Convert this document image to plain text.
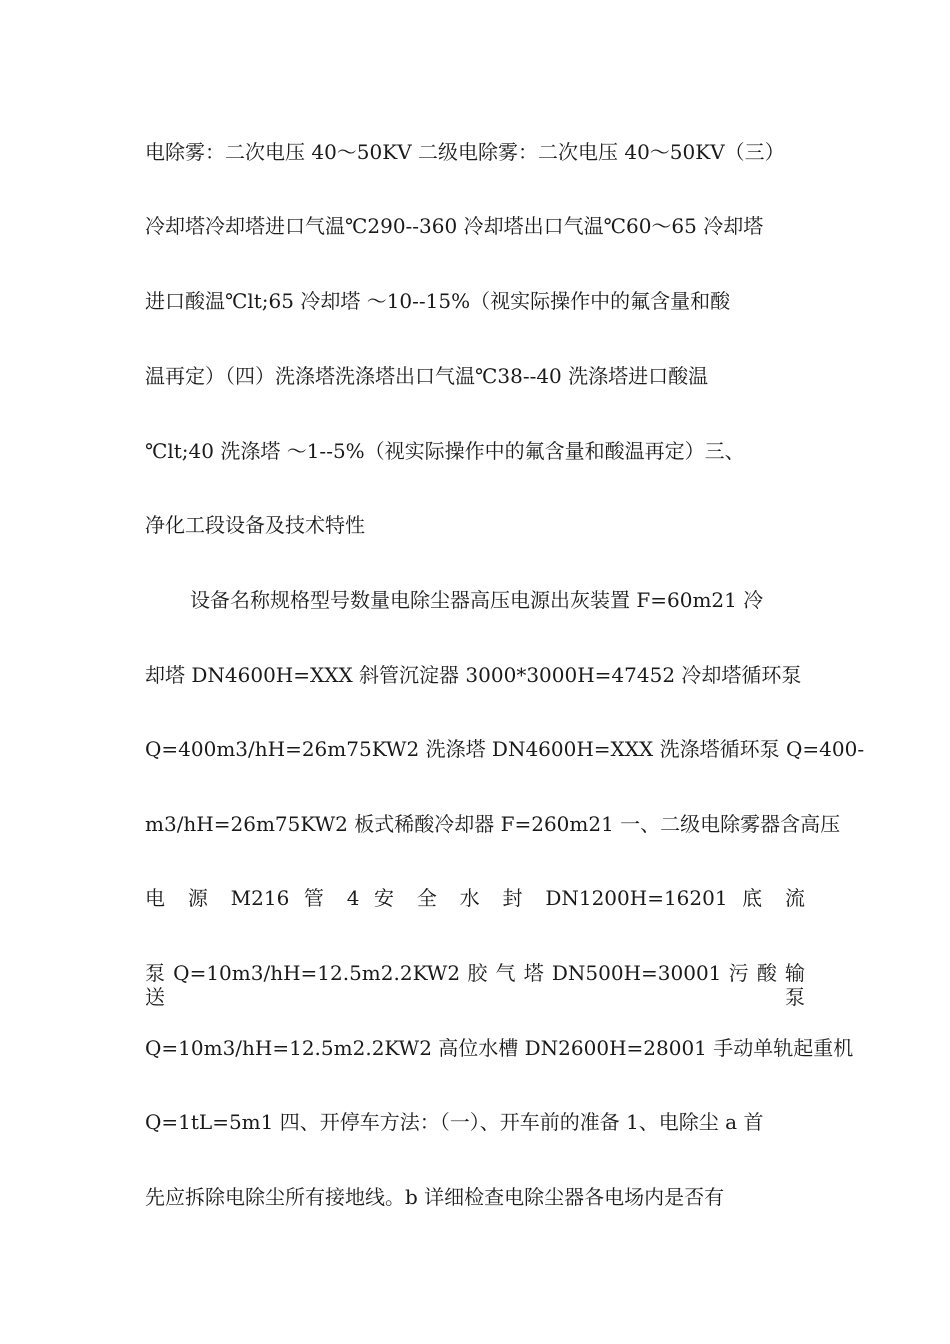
电除雾：二次电压 40～50KV 二级电除雾：二次电压 40～50KV（三）
冷却塔冷却塔进口气温℃290--360 冷却塔出口气温℃60～65 冷却塔
进口酸温℃lt;65 冷却塔 ～10--15%（视实际操作中的氟含量和酸
温再定）（四）洗涤塔洗涤塔出口气温℃38--40 洗涤塔进口酸温
℃lt;40 洗涤塔 ～1--5%（视实际操作中的氟含量和酸温再定）三、
净化工段设备及技术特性
设备名称规格型号数量电除尘器高压电源出灰装置 F=60m21 冷
却塔 DN4600H=XXX 斜管沉淀器 3000*3000H=47452 冷却塔循环泵
Q=400m3/hH=26m75KW2 洗涤塔 DN4600H=XXX 洗涤塔循环泵 Q=400-
m3/hH=26m75KW2 板式稀酸冷却器 F=260m21 一、二级电除雾器含高压
电 源 M216 管 4 安 全 水 封 DN1200H=16201 底 流
泵 Q=10m3/hH=12.5m2.2KW2 胶 气 塔 DN500H=30001 污 酸 输 送 泵
Q=10m3/hH=12.5m2.2KW2 高位水槽 DN2600H=28001 手动单轨起重机
Q=1tL=5m1 四、开停车方法：（一）、开车前的准备 1、电除尘 a 首
先应拆除电除尘所有接地线。b 详细检查电除尘器各电场内是否有
